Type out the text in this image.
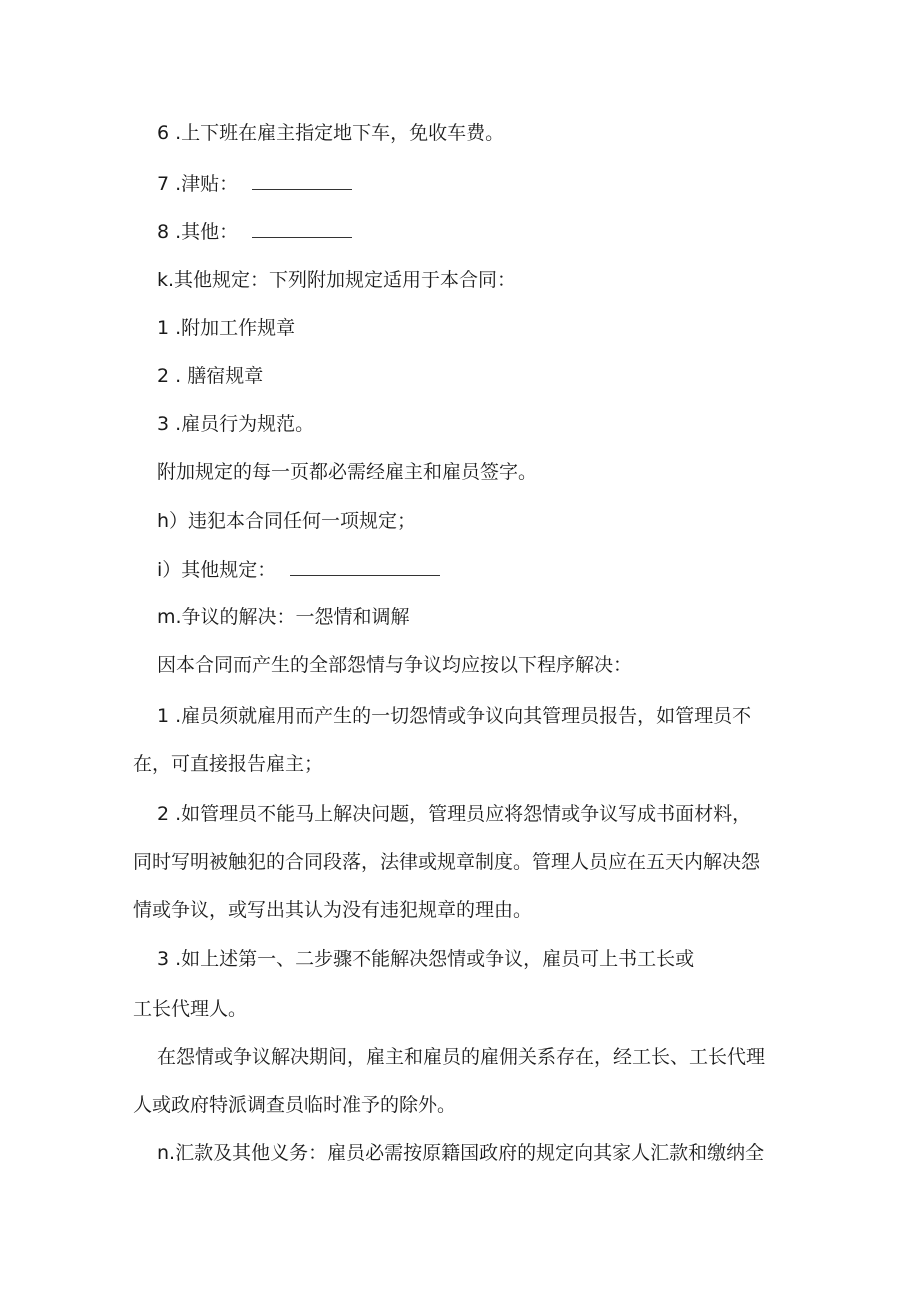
6 .上下班在雇主指定地下车，免收车费。
7 .津贴：
8 .其他：
k.其他规定：下列附加规定适用于本合同：
1 .附加工作规章
2 . 膳宿规章
3 .雇员行为规范。
附加规定的每一页都必需经雇主和雇员签字。
h）违犯本合同任何一项规定；
i）其他规定：
m.争议的解决：一怨情和调解
因本合同而产生的全部怨情与争议均应按以下程序解决：
1 .雇员须就雇用而产生的一切怨情或争议向其管理员报告，如管理员不
在，可直接报告雇主；
2 .如管理员不能马上解决问题，管理员应将怨情或争议写成书面材料，
同时写明被触犯的合同段落，法律或规章制度。管理人员应在五天内解决怨
情或争议，或写出其认为没有违犯规章的理由。
3 .如上述第一、二步骤不能解决怨情或争议，雇员可上书工长或
工长代理人。
在怨情或争议解决期间，雇主和雇员的雇佣关系存在，经工长、工长代理
人或政府特派调查员临时准予的除外。
n.汇款及其他义务：雇员必需按原籍国政府的规定向其家人汇款和缴纳全
